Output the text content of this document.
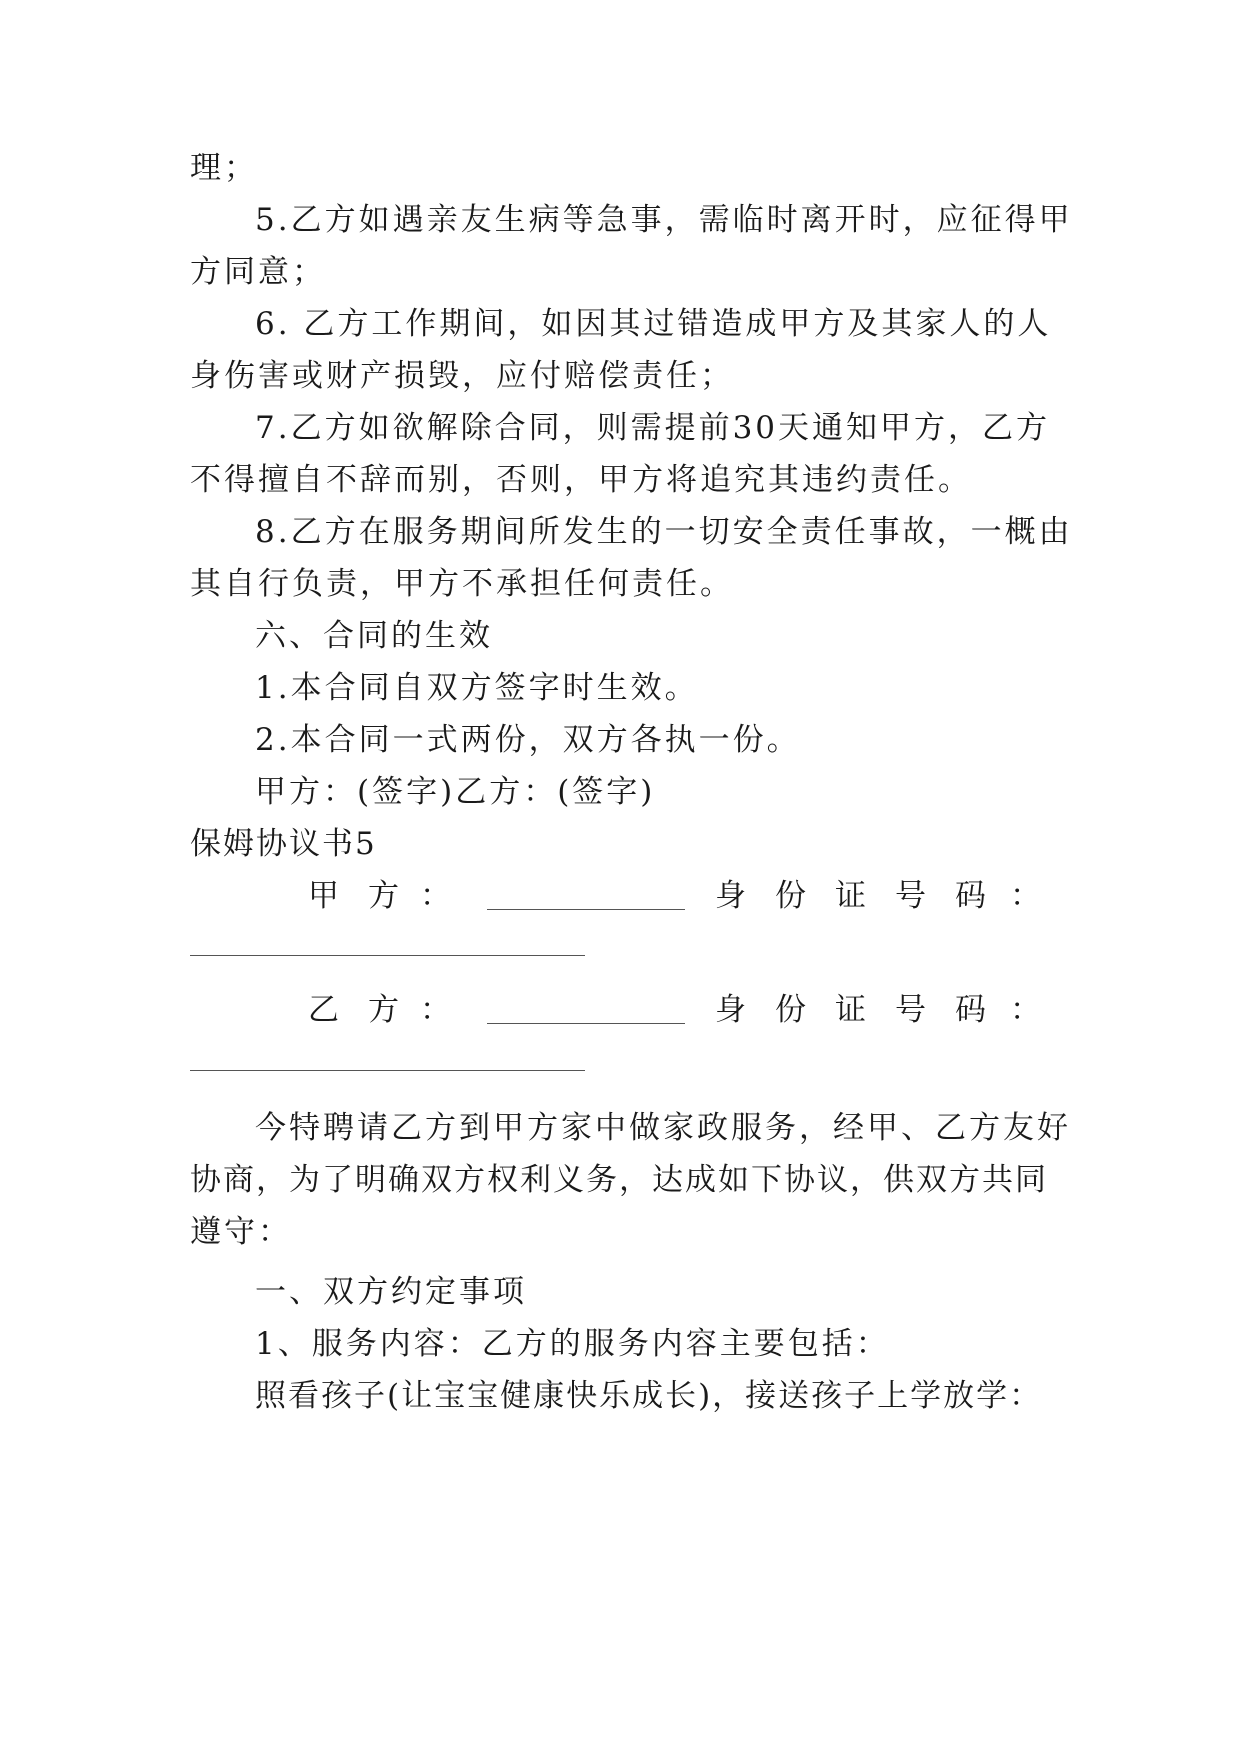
理；
5.乙方如遇亲友生病等急事，需临时离开时，应征得甲
方同意；
6. 乙方工作期间，如因其过错造成甲方及其家人的人
身伤害或财产损毁，应付赔偿责任；
7.乙方如欲解除合同，则需提前30天通知甲方，乙方
不得擅自不辞而别，否则，甲方将追究其违约责任。
8.乙方在服务期间所发生的一切安全责任事故，一概由
其自行负责，甲方不承担任何责任。
六、合同的生效
1.本合同自双方签字时生效。
2.本合同一式两份，双方各执一份。
甲方：(签字)乙方：(签字)
保姆协议书5
甲 方 ：	身 份 证 号 码 ：
乙 方 ：	身 份 证 号 码 ：
今特聘请乙方到甲方家中做家政服务，经甲、乙方友好
协商，为了明确双方权利义务，达成如下协议，供双方共同
遵守：
一、双方约定事项
1、服务内容：乙方的服务内容主要包括：
照看孩子(让宝宝健康快乐成长)，接送孩子上学放学：
